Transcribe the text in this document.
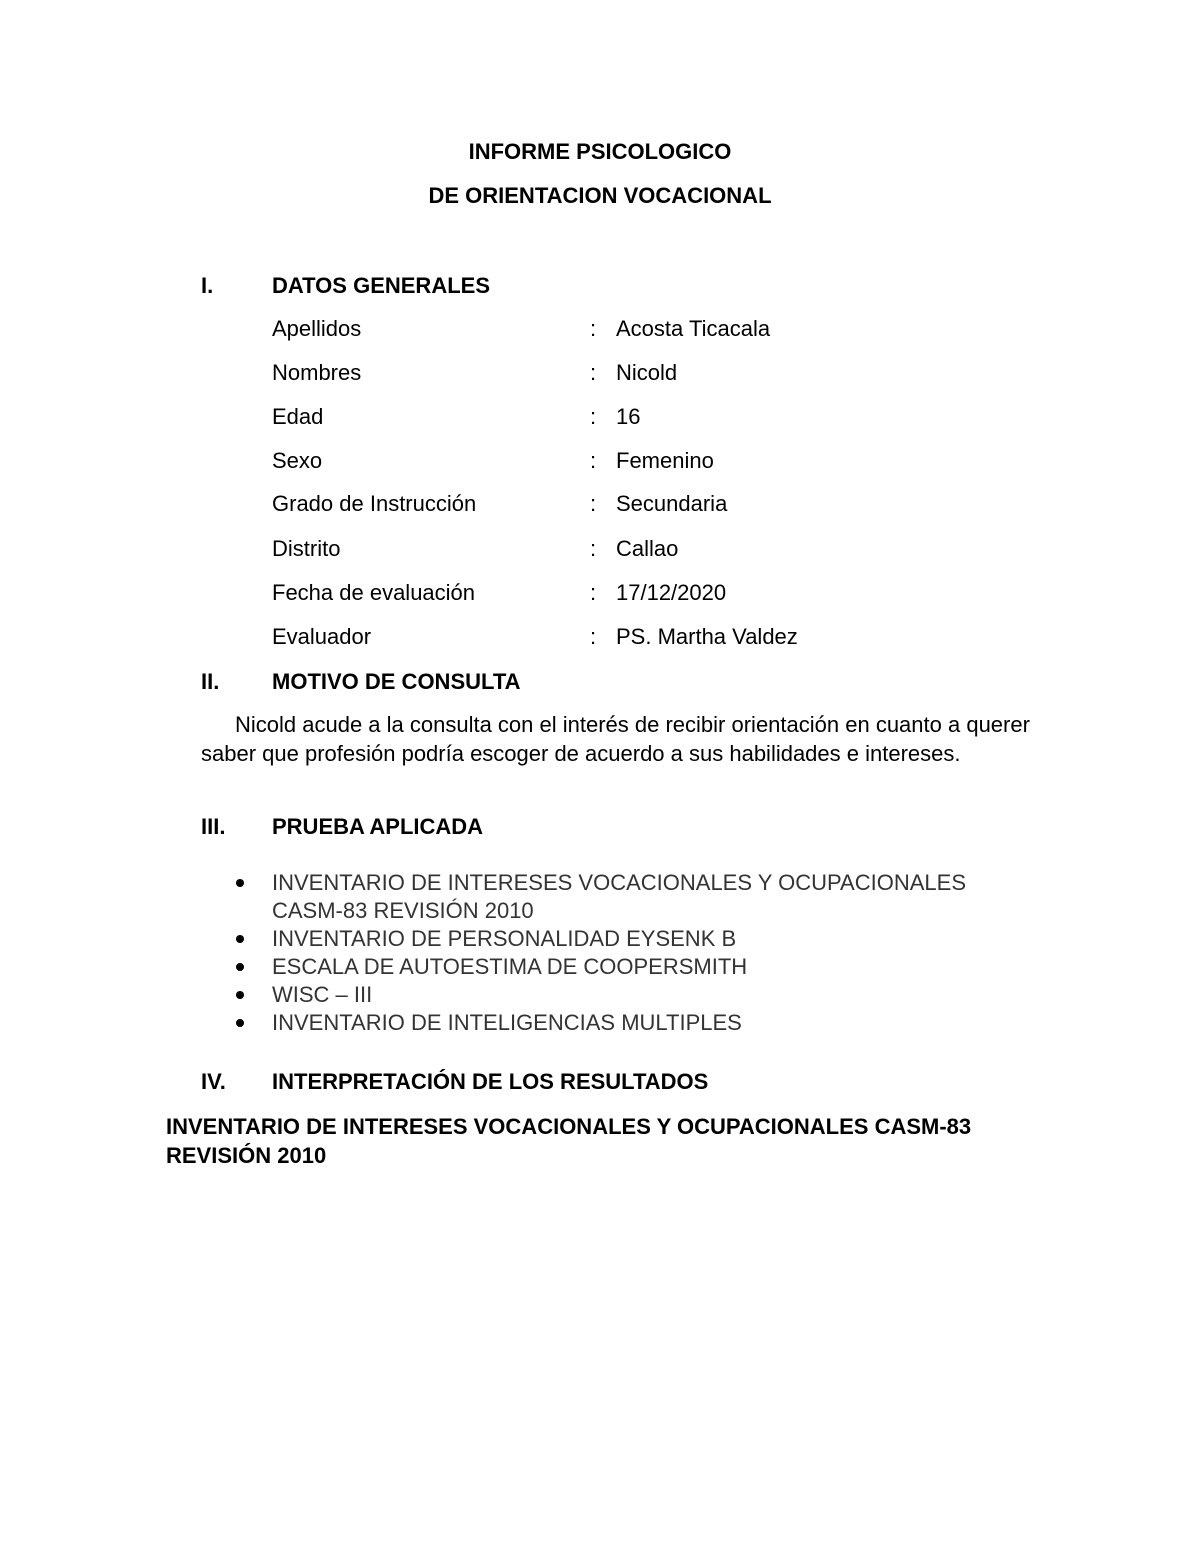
INFORME PSICOLOGICO
DE ORIENTACION VOCACIONAL
I.	DATOS GENERALES
Apellidos	: Acosta Ticacala
Nombres	: Nicold
Edad	: 16
Sexo	: Femenino
Grado de Instrucción	: Secundaria
Distrito	: Callao
Fecha de evaluación	: 17/12/2020
Evaluador	: PS. Martha Valdez
II.	MOTIVO DE CONSULTA
Nicold acude a la consulta con el interés de recibir orientación en cuanto a querer saber que profesión podría escoger de acuerdo a sus habilidades e intereses.
III.	PRUEBA APLICADA
INVENTARIO DE INTERESES VOCACIONALES Y OCUPACIONALES CASM-83 REVISIÓN 2010
INVENTARIO DE PERSONALIDAD EYSENK B
ESCALA DE AUTOESTIMA DE COOPERSMITH
WISC – III
INVENTARIO DE INTELIGENCIAS MULTIPLES
IV.	INTERPRETACIÓN DE LOS RESULTADOS
INVENTARIO DE INTERESES VOCACIONALES Y OCUPACIONALES CASM-83 REVISIÓN 2010
